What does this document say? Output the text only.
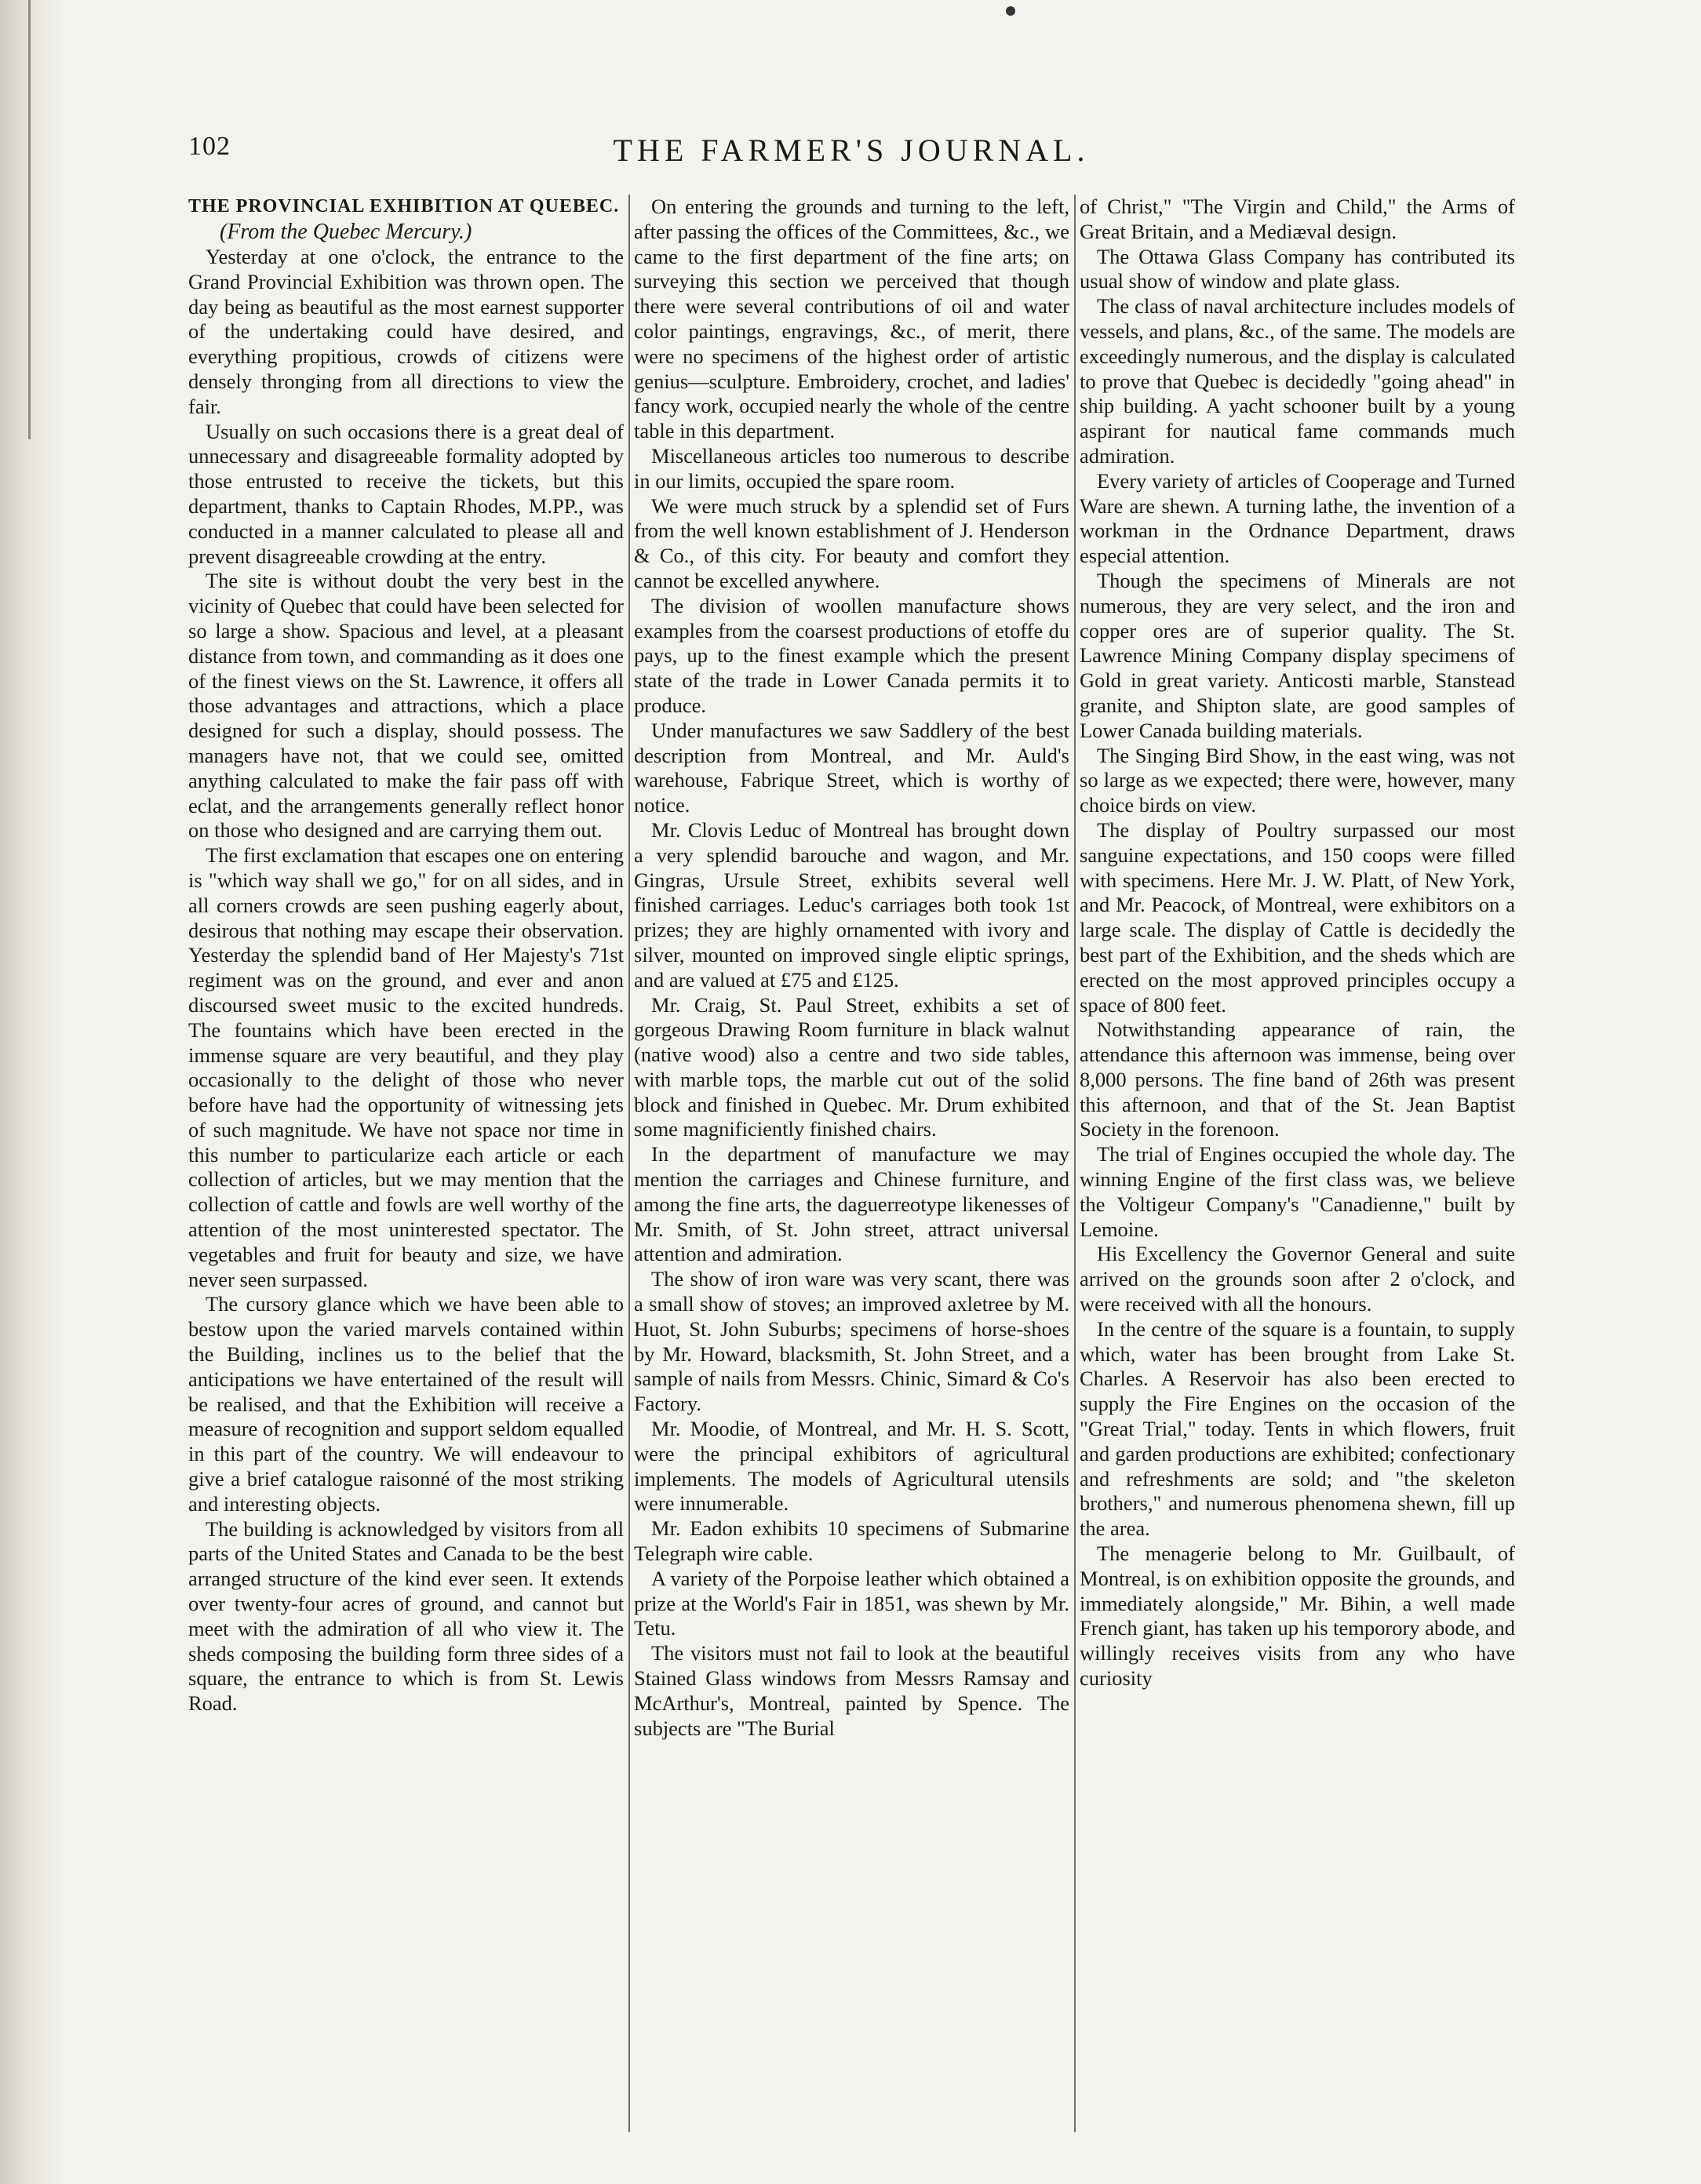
102	THE FARMER'S JOURNAL.

THE PROVINCIAL EXHIBITION AT QUEBEC.

(From the Quebec Mercury.)

Yesterday at one o'clock, the entrance to the Grand Provincial Exhibition was thrown open. The day being as beautiful as the most earnest supporter of the undertaking could have desired, and everything propitious, crowds of citizens were densely thronging from all directions to view the fair.

Usually on such occasions there is a great deal of unnecessary and disagreeable formality adopted by those entrusted to receive the tickets, but this department, thanks to Captain Rhodes, M.PP., was conducted in a manner calculated to please all and prevent disagreeable crowding at the entry.

The site is without doubt the very best in the vicinity of Quebec that could have been selected for so large a show. Spacious and level, at a pleasant distance from town, and commanding as it does one of the finest views on the St. Lawrence, it offers all those advantages and attractions, which a place designed for such a display, should possess. The managers have not, that we could see, omitted anything calculated to make the fair pass off with eclat, and the arrangements generally reflect honor on those who designed and are carrying them out.

The first exclamation that escapes one on entering is "which way shall we go," for on all sides, and in all corners crowds are seen pushing eagerly about, desirous that nothing may escape their observation. Yesterday the splendid band of Her Majesty's 71st regiment was on the ground, and ever and anon discoursed sweet music to the excited hundreds. The fountains which have been erected in the immense square are very beautiful, and they play occasionally to the delight of those who never before have had the opportunity of witnessing jets of such magnitude. We have not space nor time in this number to particularize each article or each collection of articles, but we may mention that the collection of cattle and fowls are well worthy of the attention of the most uninterested spectator. The vegetables and fruit for beauty and size, we have never seen surpassed.

The cursory glance which we have been able to bestow upon the varied marvels contained within the Building, inclines us to the belief that the anticipations we have entertained of the result will be realised, and that the Exhibition will receive a measure of recognition and support seldom equalled in this part of the country. We will endeavour to give a brief catalogue raisonné of the most striking and interesting objects.

The building is acknowledged by visitors from all parts of the United States and Canada to be the best arranged structure of the kind ever seen. It extends over twenty-four acres of ground, and cannot but meet with the admiration of all who view it. The sheds composing the building form three sides of a square, the entrance to which is from St. Lewis Road.

On entering the grounds and turning to the left, after passing the offices of the Committees, &c., we came to the first department of the fine arts; on surveying this section we perceived that though there were several contributions of oil and water color paintings, engravings, &c., of merit, there were no specimens of the highest order of artistic genius—sculpture. Embroidery, crochet, and ladies' fancy work, occupied nearly the whole of the centre table in this department.

Miscellaneous articles too numerous to describe in our limits, occupied the spare room.

We were much struck by a splendid set of Furs from the well known establishment of J. Henderson & Co., of this city. For beauty and comfort they cannot be excelled anywhere.

The division of woollen manufacture shows examples from the coarsest productions of etoffe du pays, up to the finest example which the present state of the trade in Lower Canada permits it to produce.

Under manufactures we saw Saddlery of the best description from Montreal, and Mr. Auld's warehouse, Fabrique Street, which is worthy of notice.

Mr. Clovis Leduc of Montreal has brought down a very splendid barouche and wagon, and Mr. Gingras, Ursule Street, exhibits several well finished carriages. Leduc's carriages both took 1st prizes; they are highly ornamented with ivory and silver, mounted on improved single eliptic springs, and are valued at £75 and £125.

Mr. Craig, St. Paul Street, exhibits a set of gorgeous Drawing Room furniture in black walnut (native wood) also a centre and two side tables, with marble tops, the marble cut out of the solid block and finished in Quebec. Mr. Drum exhibited some magnificiently finished chairs.

In the department of manufacture we may mention the carriages and Chinese furniture, and among the fine arts, the daguerreotype likenesses of Mr. Smith, of St. John street, attract universal attention and admiration.

The show of iron ware was very scant, there was a small show of stoves; an improved axletree by M. Huot, St. John Suburbs; specimens of horse-shoes by Mr. Howard, blacksmith, St. John Street, and a sample of nails from Messrs. Chinic, Simard & Co's Factory.

Mr. Moodie, of Montreal, and Mr. H. S. Scott, were the principal exhibitors of agricultural implements. The models of Agricultural utensils were innumerable.

Mr. Eadon exhibits 10 specimens of Submarine Telegraph wire cable.

A variety of the Porpoise leather which obtained a prize at the World's Fair in 1851, was shewn by Mr. Tetu.

The visitors must not fail to look at the beautiful Stained Glass windows from Messrs Ramsay and McArthur's, Montreal, painted by Spence. The subjects are "The Burial

of Christ," "The Virgin and Child," the Arms of Great Britain, and a Mediæval design.

The Ottawa Glass Company has contributed its usual show of window and plate glass.

The class of naval architecture includes models of vessels, and plans, &c., of the same. The models are exceedingly numerous, and the display is calculated to prove that Quebec is decidedly "going ahead" in ship building. A yacht schooner built by a young aspirant for nautical fame commands much admiration.

Every variety of articles of Cooperage and Turned Ware are shewn. A turning lathe, the invention of a workman in the Ordnance Department, draws especial attention.

Though the specimens of Minerals are not numerous, they are very select, and the iron and copper ores are of superior quality. The St. Lawrence Mining Company display specimens of Gold in great variety. Anticosti marble, Stanstead granite, and Shipton slate, are good samples of Lower Canada building materials.

The Singing Bird Show, in the east wing, was not so large as we expected; there were, however, many choice birds on view.

The display of Poultry surpassed our most sanguine expectations, and 150 coops were filled with specimens. Here Mr. J. W. Platt, of New York, and Mr. Peacock, of Montreal, were exhibitors on a large scale. The display of Cattle is decidedly the best part of the Exhibition, and the sheds which are erected on the most approved principles occupy a space of 800 feet.

Notwithstanding appearance of rain, the attendance this afternoon was immense, being over 8,000 persons. The fine band of 26th was present this afternoon, and that of the St. Jean Baptist Society in the forenoon.

The trial of Engines occupied the whole day. The winning Engine of the first class was, we believe the Voltigeur Company's "Canadienne," built by Lemoine.

His Excellency the Governor General and suite arrived on the grounds soon after 2 o'clock, and were received with all the honours.

In the centre of the square is a fountain, to supply which, water has been brought from Lake St. Charles. A Reservoir has also been erected to supply the Fire Engines on the occasion of the "Great Trial," today. Tents in which flowers, fruit and garden productions are exhibited; confectionary and refreshments are sold; and "the skeleton brothers," and numerous phenomena shewn, fill up the area.

The menagerie belong to Mr. Guilbault, of Montreal, is on exhibition opposite the grounds, and immediately alongside," Mr. Bihin, a well made French giant, has taken up his temporory abode, and willingly receives visits from any who have curiosity
